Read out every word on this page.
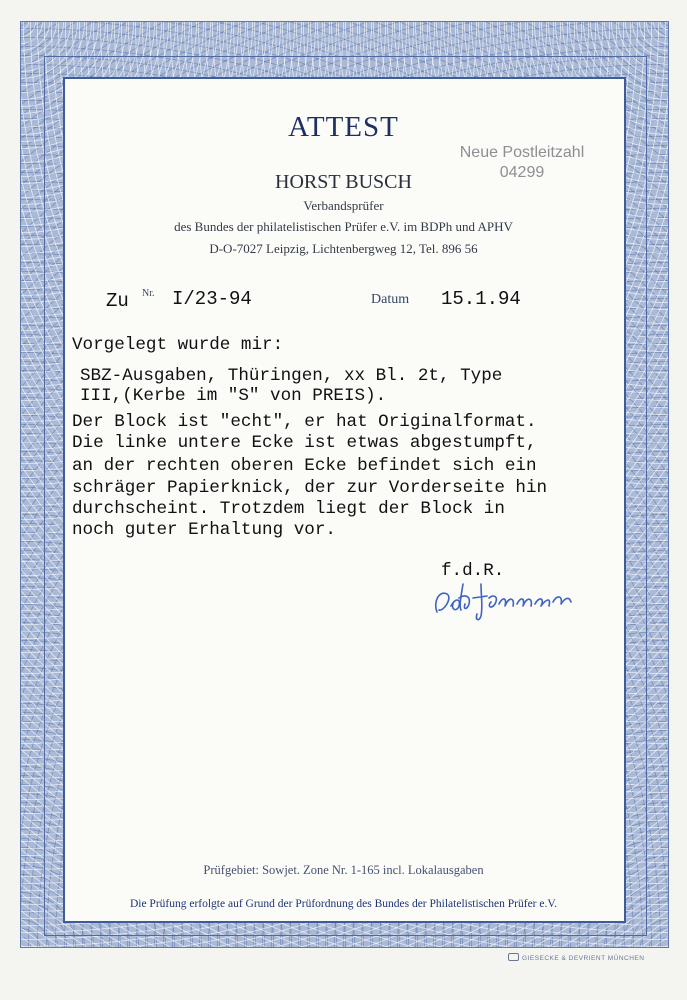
ATTEST
HORST BUSCH
Verbandsprüfer
des Bundes der philatelistischen Prüfer e.V. im BDPh und APHV
D-O-7027 Leipzig, Lichtenbergweg 12, Tel. 896 56
Neue Postleitzahl
04299
Zu Nr. I/23-94	Datum 15.1.94
Vorgelegt wurde mir:
SBZ-Ausgaben, Thüringen, xx Bl. 2t, Type
III,(Kerbe im "S" von PREIS).
Der Block ist "echt", er hat Originalformat.
Die linke untere Ecke ist etwas abgestumpft,
an der rechten oberen Ecke befindet sich ein
schräger Papierknick, der zur Vorderseite hin
durchscheint. Trotzdem liegt der Block in
noch guter Erhaltung vor.
f.d.R.
Prüfgebiet: Sowjet. Zone Nr. 1-165 incl. Lokalausgaben
Die Prüfung erfolgte auf Grund der Prüfordnung des Bundes der Philatelistischen Prüfer e.V.
GIESECKE & DEVRIENT MÜNCHEN
